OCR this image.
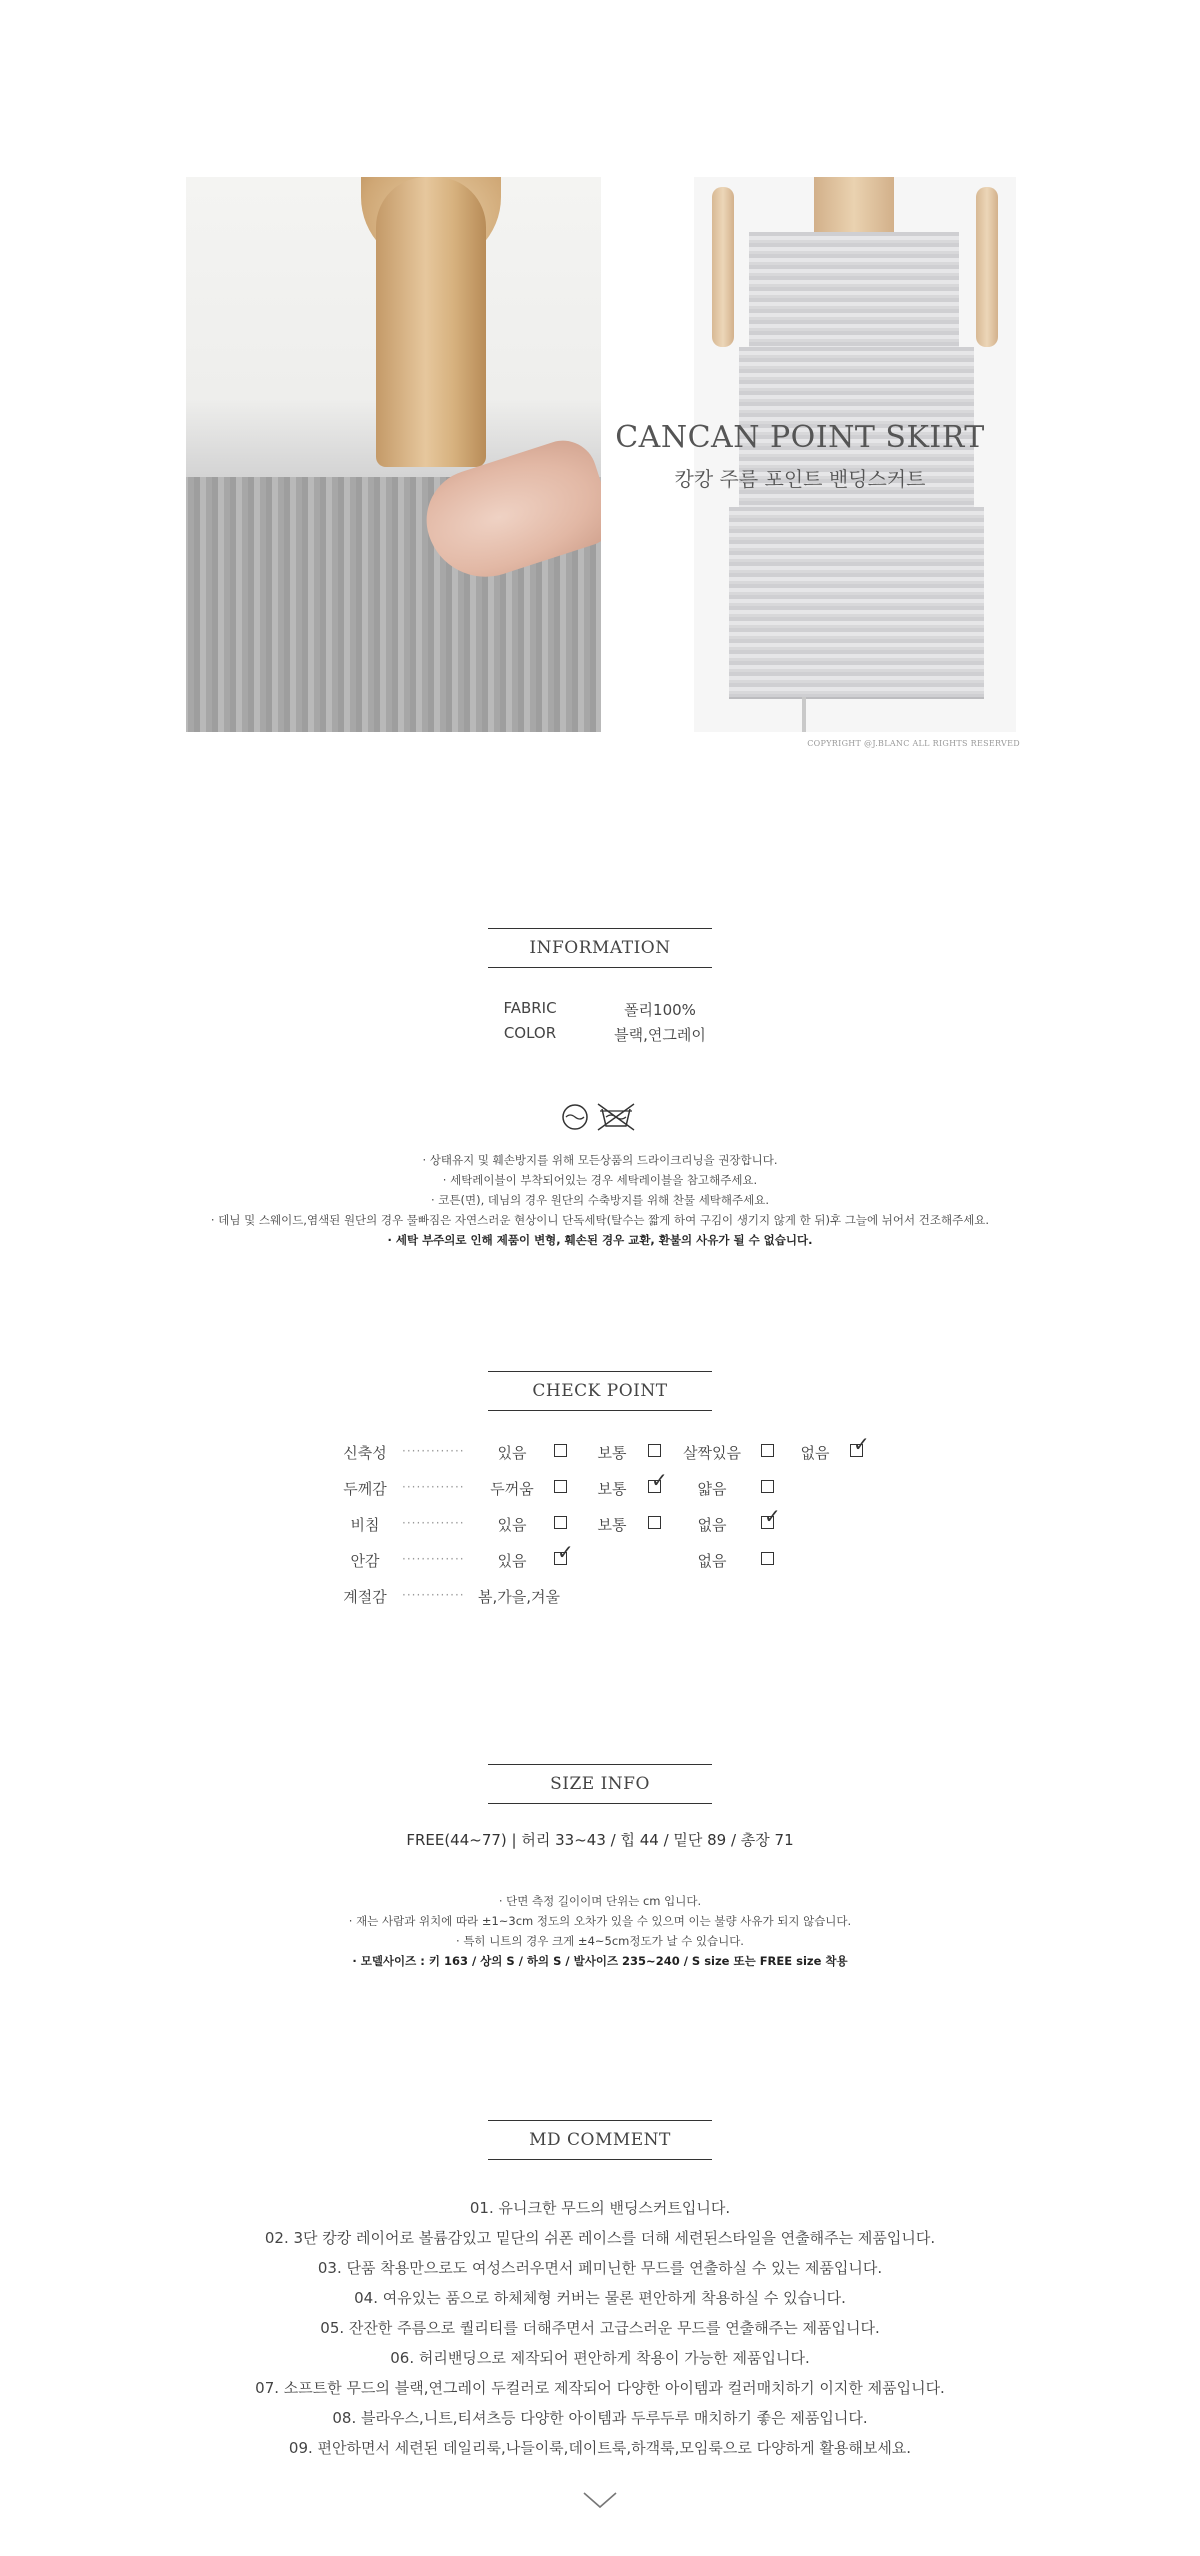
CANCAN POINT SKIRT
캉캉 주름 포인트 밴딩스커트
COPYRIGHT @J.BLANC ALL RIGHTS RESERVED
INFORMATION
FABRIC	폴리100%
COLOR	블랙,연그레이
· 상태유지 및 훼손방지를 위해 모든상품의 드라이크리닝을 권장합니다.
· 세탁레이블이 부착되어있는 경우 세탁레이블을 참고해주세요.
· 코튼(면), 데님의 경우 원단의 수축방지를 위해 찬물 세탁해주세요.
· 데님 및 스웨이드,염색된 원단의 경우 물빠짐은 자연스러운 현상이니 단독세탁(탈수는 짧게 하여 구김이 생기지 않게 한 뒤)후 그늘에 뉘어서 건조해주세요.
· 세탁 부주의로 인해 제품이 변형, 훼손된 경우 교환, 환불의 사유가 될 수 없습니다.
CHECK POINT
신축성	·············	있음	보통	살짝있음	없음	✓
두께감	·············	두꺼움	보통	✓	얇음
비침	·············	있음	보통	없음	✓
안감	·············	있음	✓	없음
계절감	············· 봄,가을,겨울
SIZE INFO
FREE(44~77) | 허리 33~43 / 힙 44 / 밑단 89 / 총장 71
· 단면 측정 길이이며 단위는 cm 입니다.
· 재는 사람과 위치에 따라 ±1~3cm 정도의 오차가 있을 수 있으며 이는 불량 사유가 되지 않습니다.
· 특히 니트의 경우 크게 ±4~5cm정도가 날 수 있습니다.
· 모델사이즈 : 키 163 / 상의 S / 하의 S / 발사이즈 235~240 / S size 또는 FREE size 착용
MD COMMENT
01. 유니크한 무드의 밴딩스커트입니다.
02. 3단 캉캉 레이어로 볼륨감있고 밑단의 쉬폰 레이스를 더해 세련된스타일을 연출해주는 제품입니다.
03. 단품 착용만으로도 여성스러우면서 페미닌한 무드를 연출하실 수 있는 제품입니다.
04. 여유있는 품으로 하체체형 커버는 물론 편안하게 착용하실 수 있습니다.
05. 잔잔한 주름으로 퀄리티를 더해주면서 고급스러운 무드를 연출해주는 제품입니다.
06. 허리밴딩으로 제작되어 편안하게 착용이 가능한 제품입니다.
07. 소프트한 무드의 블랙,연그레이 두컬러로 제작되어 다양한 아이템과 컬러매치하기 이지한 제품입니다.
08. 블라우스,니트,티셔츠등 다양한 아이템과 두루두루 매치하기 좋은 제품입니다.
09. 편안하면서 세련된 데일리룩,나들이룩,데이트룩,하객룩,모임룩으로 다양하게 활용해보세요.
